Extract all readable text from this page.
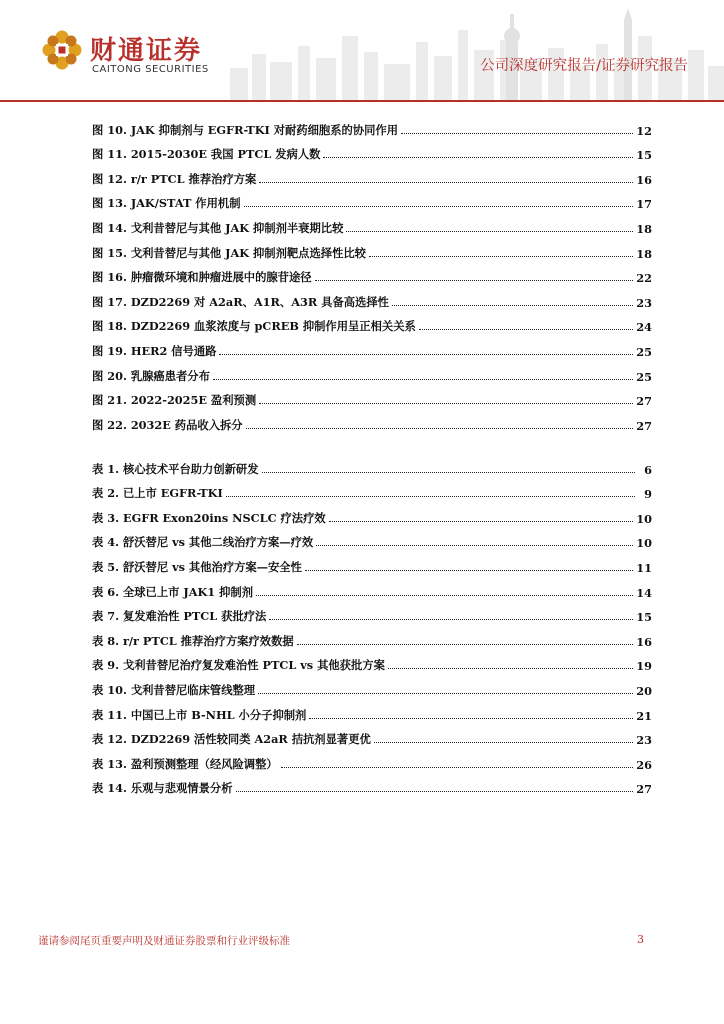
财通证券
CAITONG SECURITIES	公司深度研究报告/证券研究报告
图 10. JAK 抑制剂与 EGFR-TKI 对耐药细胞系的协同作用	12
图 11. 2015-2030E 我国 PTCL 发病人数	15
图 12. r/r PTCL 推荐治疗方案	16
图 13. JAK/STAT 作用机制	17
图 14. 戈利昔替尼与其他 JAK 抑制剂半衰期比较	18
图 15. 戈利昔替尼与其他 JAK 抑制剂靶点选择性比较	18
图 16. 肿瘤微环境和肿瘤进展中的腺苷途径	22
图 17. DZD2269 对 A2aR、A1R、A3R 具备高选择性	23
图 18. DZD2269 血浆浓度与 pCREB 抑制作用呈正相关关系	24
图 19. HER2 信号通路	25
图 20. 乳腺癌患者分布	25
图 21. 2022-2025E 盈利预测	27
图 22. 2032E 药品收入拆分	27
表 1. 核心技术平台助力创新研发	6
表 2. 已上市 EGFR-TKI	9
表 3. EGFR Exon20ins NSCLC 疗法疗效	10
表 4. 舒沃替尼 vs 其他二线治疗方案—疗效	10
表 5. 舒沃替尼 vs 其他治疗方案—安全性	11
表 6. 全球已上市 JAK1 抑制剂	14
表 7. 复发难治性 PTCL 获批疗法	15
表 8. r/r PTCL 推荐治疗方案疗效数据	16
表 9. 戈利昔替尼治疗复发难治性 PTCL vs 其他获批方案	19
表 10. 戈利昔替尼临床管线整理	20
表 11. 中国已上市 B-NHL 小分子抑制剂	21
表 12. DZD2269 活性较同类 A2aR 拮抗剂显著更优	23
表 13. 盈利预测整理（经风险调整）	26
表 14. 乐观与悲观情景分析	27
谨请参阅尾页重要声明及财通证券股票和行业评级标准	3
